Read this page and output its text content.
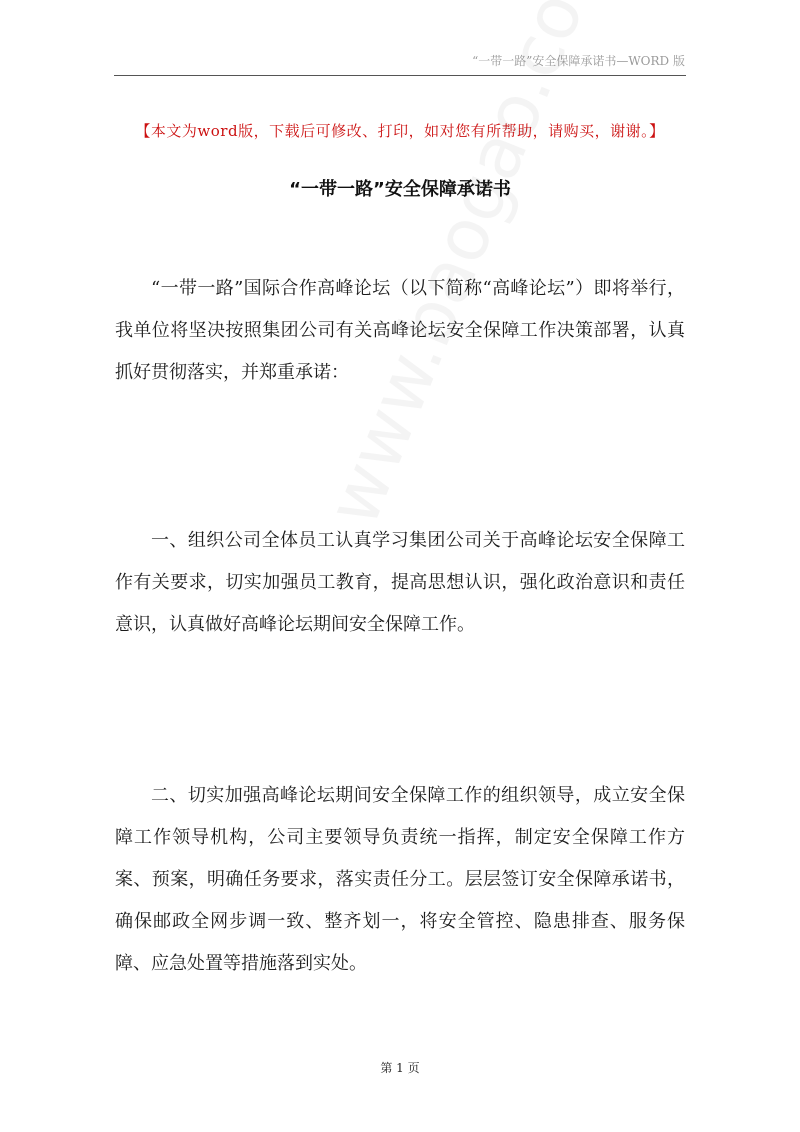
“一带一路”安全保障承诺书—WORD 版
【本文为word版，下载后可修改、打印，如对您有所帮助，请购买，谢谢。】
“一带一路”安全保障承诺书
“一带一路”国际合作高峰论坛（以下简称“高峰论坛”）即将举行，我单位将坚决按照集团公司有关高峰论坛安全保障工作决策部署，认真抓好贯彻落实，并郑重承诺：
一、组织公司全体员工认真学习集团公司关于高峰论坛安全保障工作有关要求，切实加强员工教育，提高思想认识，强化政治意识和责任意识，认真做好高峰论坛期间安全保障工作。
二、切实加强高峰论坛期间安全保障工作的组织领导，成立安全保障工作领导机构，公司主要领导负责统一指挥，制定安全保障工作方案、预案，明确任务要求，落实责任分工。层层签订安全保障承诺书，确保邮政全网步调一致、整齐划一，将安全管控、隐患排查、服务保障、应急处置等措施落到实处。
第 1 页
